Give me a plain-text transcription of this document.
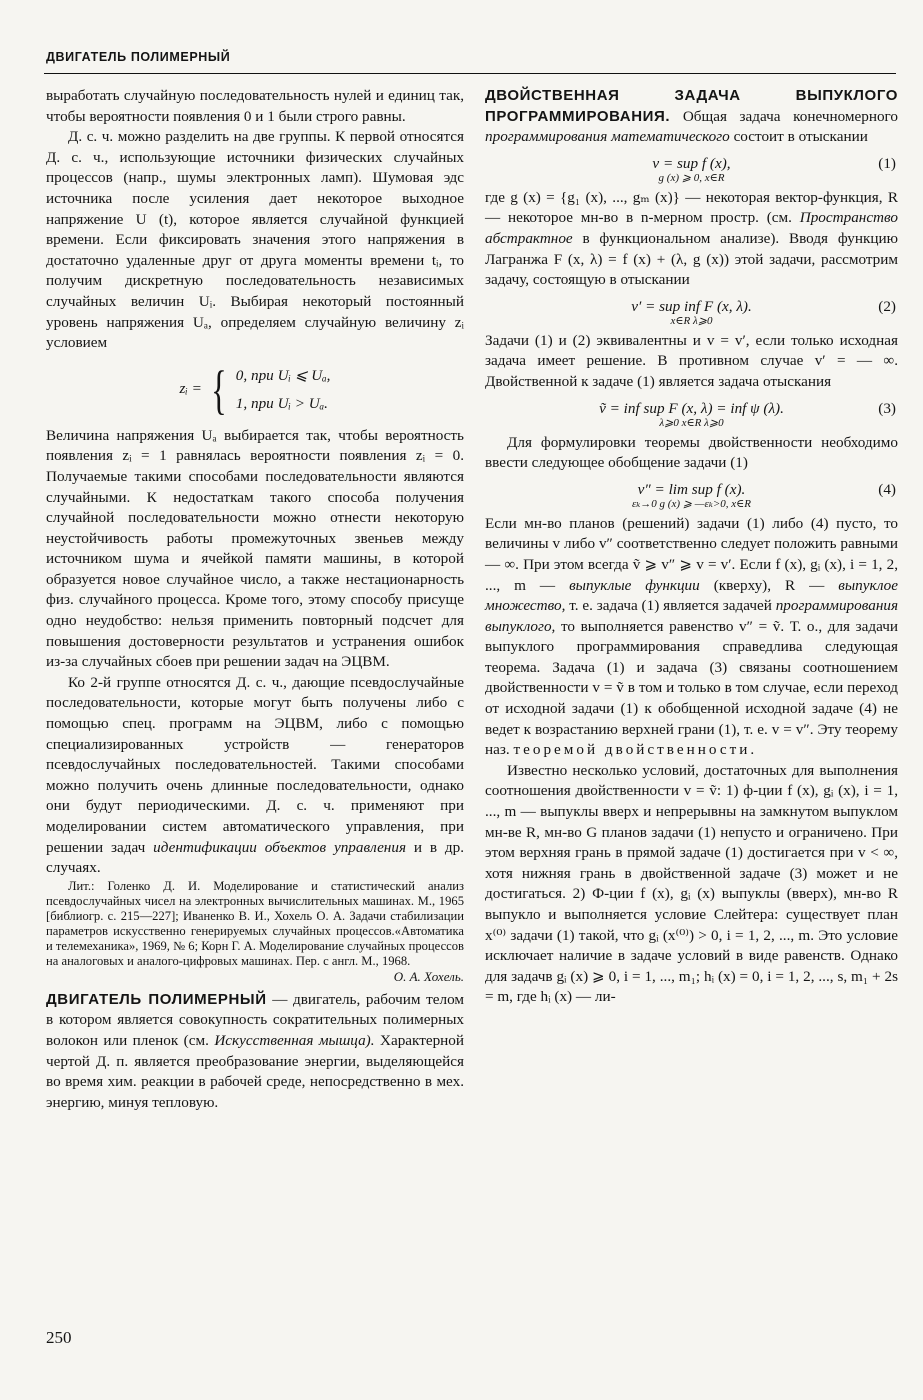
ДВИГАТЕЛЬ ПОЛИМЕРНЫЙ

выработать случайную последовательность нулей и единиц так, чтобы вероятности появления 0 и 1 были строго равны.

Д. с. ч. можно разделить на две группы. К первой относятся Д. с. ч., использующие источники физических случайных процессов (напр., шумы электронных ламп). Шумовая эдс источника после усиления дает некоторое выходное напряжение U (t), которое является случайной функцией времени. Если фиксировать значения этого напряжения в достаточно удаленные друг от друга моменты времени tᵢ, то получим дискретную последовательность независимых случайных величин Uᵢ. Выбирая некоторый постоянный уровень напряжения Uₐ, определяем случайную величину zᵢ условием

zᵢ = { 0, при Uᵢ ⩽ Uₐ,
1, при Uᵢ > Uₐ.

Величина напряжения Uₐ выбирается так, чтобы вероятность появления zᵢ = 1 равнялась вероятности появления zᵢ = 0. Получаемые такими способами последовательности являются случайными. К недостаткам такого способа получения случайной последовательности можно отнести некоторую неустойчивость работы промежуточных звеньев между источником шума и ячейкой памяти машины, в которой образуется новое случайное число, а также нестационарность физ. случайного процесса. Кроме того, этому способу присуще одно неудобство: нельзя применить повторный подсчет для повышения достоверности результатов и устранения ошибок из-за случайных сбоев при решении задач на ЭЦВМ.

Ко 2-й группе относятся Д. с. ч., дающие псевдослучайные последовательности, которые могут быть получены либо с помощью спец. программ на ЭЦВМ, либо с помощью специализированных устройств — генераторов псевдослучайных последовательностей. Такими способами можно получить очень длинные последовательности, однако они будут периодическими. Д. с. ч. применяют при моделировании систем автоматического управления, при решении задач идентификации объектов управления и в др. случаях.

Лит.: Голенко Д. И. Моделирование и статистический анализ псевдослучайных чисел на электронных вычислительных машинах. М., 1965 [библиогр. с. 215—227]; Иваненко В. И., Хохель О. А. Задачи стабилизации параметров искусственно генерируемых случайных процессов.«Автоматика и телемеханика», 1969, № 6; Корн Г. А. Моделирование случайных процессов на аналоговых и аналого-цифровых машинах. Пер. с англ. М., 1968.

О. А. Хохель.

ДВИГАТЕЛЬ ПОЛИМЕРНЫЙ — двигатель, рабочим телом в котором является совокупность сократительных полимерных волокон или пленок (см. Искусственная мышца). Характерной чертой Д. п. является преобразование энергии, выделяющейся во время хим. реакции в рабочей среде, непосредственно в мех. энергию, минуя тепловую.

ДВОЙСТВЕННАЯ ЗАДАЧА ВЫПУКЛОГО ПРОГРАММИРОВАНИЯ. Общая задача конечномерного программирования математического состоит в отыскании

v = sup f (x),
g (x) ⩾ 0, x∈R
(1)

где g (x) = {g₁ (x), ..., gₘ (x)} — некоторая вектор-функция, R — некоторое мн-во в n-мерном простр. (см. Пространство абстрактное в функциональном анализе). Вводя функцию Лагранжа F (x, λ) = f (x) + (λ, g (x)) этой задачи, рассмотрим задачу, состоящую в отыскании

v′ = sup inf F (x, λ).
x∈R λ⩾0
(2)

Задачи (1) и (2) эквивалентны и v = v′, если только исходная задача имеет решение. В противном случае v′ = — ∞. Двойственной к задаче (1) является задача отыскания

ṽ = inf sup F (x, λ) = inf ψ (λ).
λ⩾0 x∈R λ⩾0
(3)

Для формулировки теоремы двойственности необходимо ввести следующее обобщение задачи (1)

v″ = lim sup f (x).
εₖ→0 g (x) ⩾ —εₖ>0, x∈R
(4)

Если мн-во планов (решений) задачи (1) либо (4) пусто, то величины v либо v″ соответственно следует положить равными — ∞. При этом всегда ṽ ⩾ v″ ⩾ v = v′. Если f (x), gᵢ (x), i = 1, 2, ..., m — выпуклые функции (кверху), R — выпуклое множество, т. е. задача (1) является задачей программирования выпуклого, то выполняется равенство v″ = ṽ. Т. о., для задачи выпуклого программирования справедлива следующая теорема. Задача (1) и задача (3) связаны соотношением двойственности v = ṽ в том и только в том случае, если переход от исходной задачи (1) к обобщенной исходной задаче (4) не ведет к возрастанию верхней грани (1), т. е. v = v″. Эту теорему наз. теоремой двойственности.

Известно несколько условий, достаточных для выполнения соотношения двойственности v = ṽ: 1) ф-ции f (x), gᵢ (x), i = 1, ..., m — выпуклы вверх и непрерывны на замкнутом выпуклом мн-ве R, мн-во G планов задачи (1) непусто и ограничено. При этом верхняя грань в прямой задаче (1) достигается при v < ∞, хотя нижняя грань в двойственной задаче (3) может и не достигаться. 2) Ф-ции f (x), gᵢ (x) выпуклы (вверх), мн-во R выпукло и выполняется условие Слейтера: существует план x⁽⁰⁾ задачи (1) такой, что gᵢ (x⁽⁰⁾) > 0, i = 1, 2, ..., m. Это условие исключает наличие в задаче условий в виде равенств. Однако для задачв gᵢ (x) ⩾ 0, i = 1, ..., m₁; hᵢ (x) = 0, i = 1, 2, ..., s, m₁ + 2s = m, где hᵢ (x) — ли-

250
